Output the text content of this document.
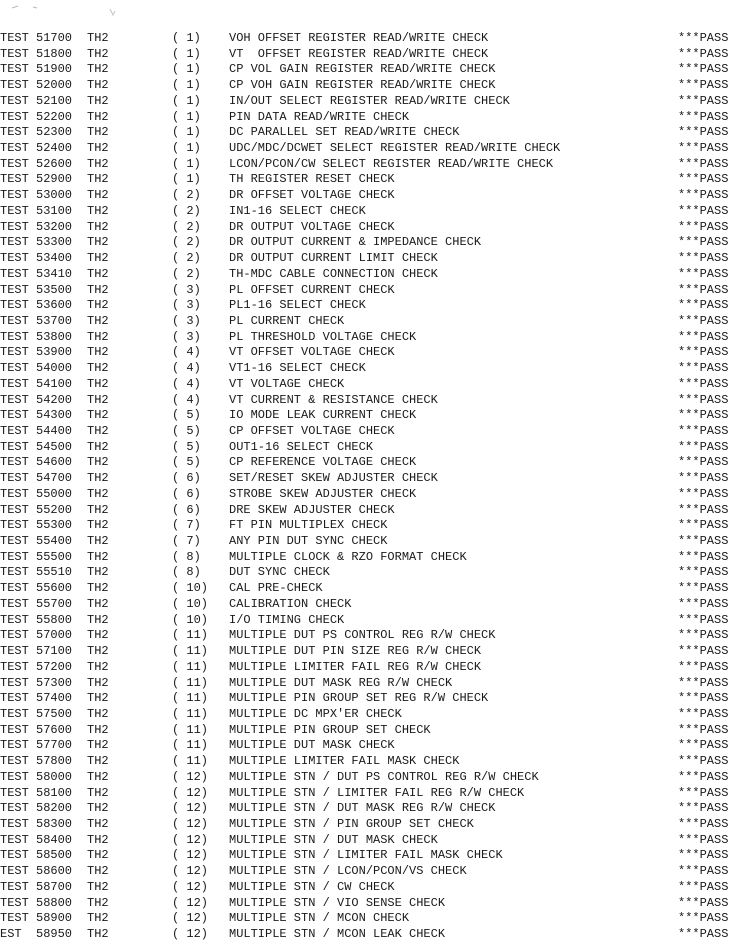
TEST 51700 TH2	( 1) VOH OFFSET REGISTER READ/WRITE CHECK	***PASS
TEST 51800 TH2	( 1) VT  OFFSET REGISTER READ/WRITE CHECK	***PASS
TEST 51900 TH2	( 1) CP VOL GAIN REGISTER READ/WRITE CHECK	***PASS
TEST 52000 TH2	( 1) CP VOH GAIN REGISTER READ/WRITE CHECK	***PASS
TEST 52100 TH2	( 1) IN/OUT SELECT REGISTER READ/WRITE CHECK	***PASS
TEST 52200 TH2	( 1) PIN DATA READ/WRITE CHECK	***PASS
TEST 52300 TH2	( 1) DC PARALLEL SET READ/WRITE CHECK	***PASS
TEST 52400 TH2	( 1) UDC/MDC/DCWET SELECT REGISTER READ/WRITE CHECK	***PASS
TEST 52600 TH2	( 1) LCON/PCON/CW SELECT REGISTER READ/WRITE CHECK	***PASS
TEST 52900 TH2	( 1) TH REGISTER RESET CHECK	***PASS
TEST 53000 TH2	( 2) DR OFFSET VOLTAGE CHECK	***PASS
TEST 53100 TH2	( 2) IN1-16 SELECT CHECK	***PASS
TEST 53200 TH2	( 2) DR OUTPUT VOLTAGE CHECK	***PASS
TEST 53300 TH2	( 2) DR OUTPUT CURRENT & IMPEDANCE CHECK	***PASS
TEST 53400 TH2	( 2) DR OUTPUT CURRENT LIMIT CHECK	***PASS
TEST 53410 TH2	( 2) TH-MDC CABLE CONNECTION CHECK	***PASS
TEST 53500 TH2	( 3) PL OFFSET CURRENT CHECK	***PASS
TEST 53600 TH2	( 3) PL1-16 SELECT CHECK	***PASS
TEST 53700 TH2	( 3) PL CURRENT CHECK	***PASS
TEST 53800 TH2	( 3) PL THRESHOLD VOLTAGE CHECK	***PASS
TEST 53900 TH2	( 4) VT OFFSET VOLTAGE CHECK	***PASS
TEST 54000 TH2	( 4) VT1-16 SELECT CHECK	***PASS
TEST 54100 TH2	( 4) VT VOLTAGE CHECK	***PASS
TEST 54200 TH2	( 4) VT CURRENT & RESISTANCE CHECK	***PASS
TEST 54300 TH2	( 5) IO MODE LEAK CURRENT CHECK	***PASS
TEST 54400 TH2	( 5) CP OFFSET VOLTAGE CHECK	***PASS
TEST 54500 TH2	( 5) OUT1-16 SELECT CHECK	***PASS
TEST 54600 TH2	( 5) CP REFERENCE VOLTAGE CHECK	***PASS
TEST 54700 TH2	( 6) SET/RESET SKEW ADJUSTER CHECK	***PASS
TEST 55000 TH2	( 6) STROBE SKEW ADJUSTER CHECK	***PASS
TEST 55200 TH2	( 6) DRE SKEW ADJUSTER CHECK	***PASS
TEST 55300 TH2	( 7) FT PIN MULTIPLEX CHECK	***PASS
TEST 55400 TH2	( 7) ANY PIN DUT SYNC CHECK	***PASS
TEST 55500 TH2	( 8) MULTIPLE CLOCK & RZO FORMAT CHECK	***PASS
TEST 55510 TH2	( 8) DUT SYNC CHECK	***PASS
TEST 55600 TH2	( 10) CAL PRE-CHECK	***PASS
TEST 55700 TH2	( 10) CALIBRATION CHECK	***PASS
TEST 55800 TH2	( 10) I/O TIMING CHECK	***PASS
TEST 57000 TH2	( 11) MULTIPLE DUT PS CONTROL REG R/W CHECK	***PASS
TEST 57100 TH2	( 11) MULTIPLE DUT PIN SIZE REG R/W CHECK	***PASS
TEST 57200 TH2	( 11) MULTIPLE LIMITER FAIL REG R/W CHECK	***PASS
TEST 57300 TH2	( 11) MULTIPLE DUT MASK REG R/W CHECK	***PASS
TEST 57400 TH2	( 11) MULTIPLE PIN GROUP SET REG R/W CHECK	***PASS
TEST 57500 TH2	( 11) MULTIPLE DC MPX'ER CHECK	***PASS
TEST 57600 TH2	( 11) MULTIPLE PIN GROUP SET CHECK	***PASS
TEST 57700 TH2	( 11) MULTIPLE DUT MASK CHECK	***PASS
TEST 57800 TH2	( 11) MULTIPLE LIMITER FAIL MASK CHECK	***PASS
TEST 58000 TH2	( 12) MULTIPLE STN / DUT PS CONTROL REG R/W CHECK	***PASS
TEST 58100 TH2	( 12) MULTIPLE STN / LIMITER FAIL REG R/W CHECK	***PASS
TEST 58200 TH2	( 12) MULTIPLE STN / DUT MASK REG R/W CHECK	***PASS
TEST 58300 TH2	( 12) MULTIPLE STN / PIN GROUP SET CHECK	***PASS
TEST 58400 TH2	( 12) MULTIPLE STN / DUT MASK CHECK	***PASS
TEST 58500 TH2	( 12) MULTIPLE STN / LIMITER FAIL MASK CHECK	***PASS
TEST 58600 TH2	( 12) MULTIPLE STN / LCON/PCON/VS CHECK	***PASS
TEST 58700 TH2	( 12) MULTIPLE STN / CW CHECK	***PASS
TEST 58800 TH2	( 12) MULTIPLE STN / VIO SENSE CHECK	***PASS
TEST 58900 TH2	( 12) MULTIPLE STN / MCON CHECK	***PASS
EST 58950 TH2	( 12) MULTIPLE STN / MCON LEAK CHECK	***PASS
